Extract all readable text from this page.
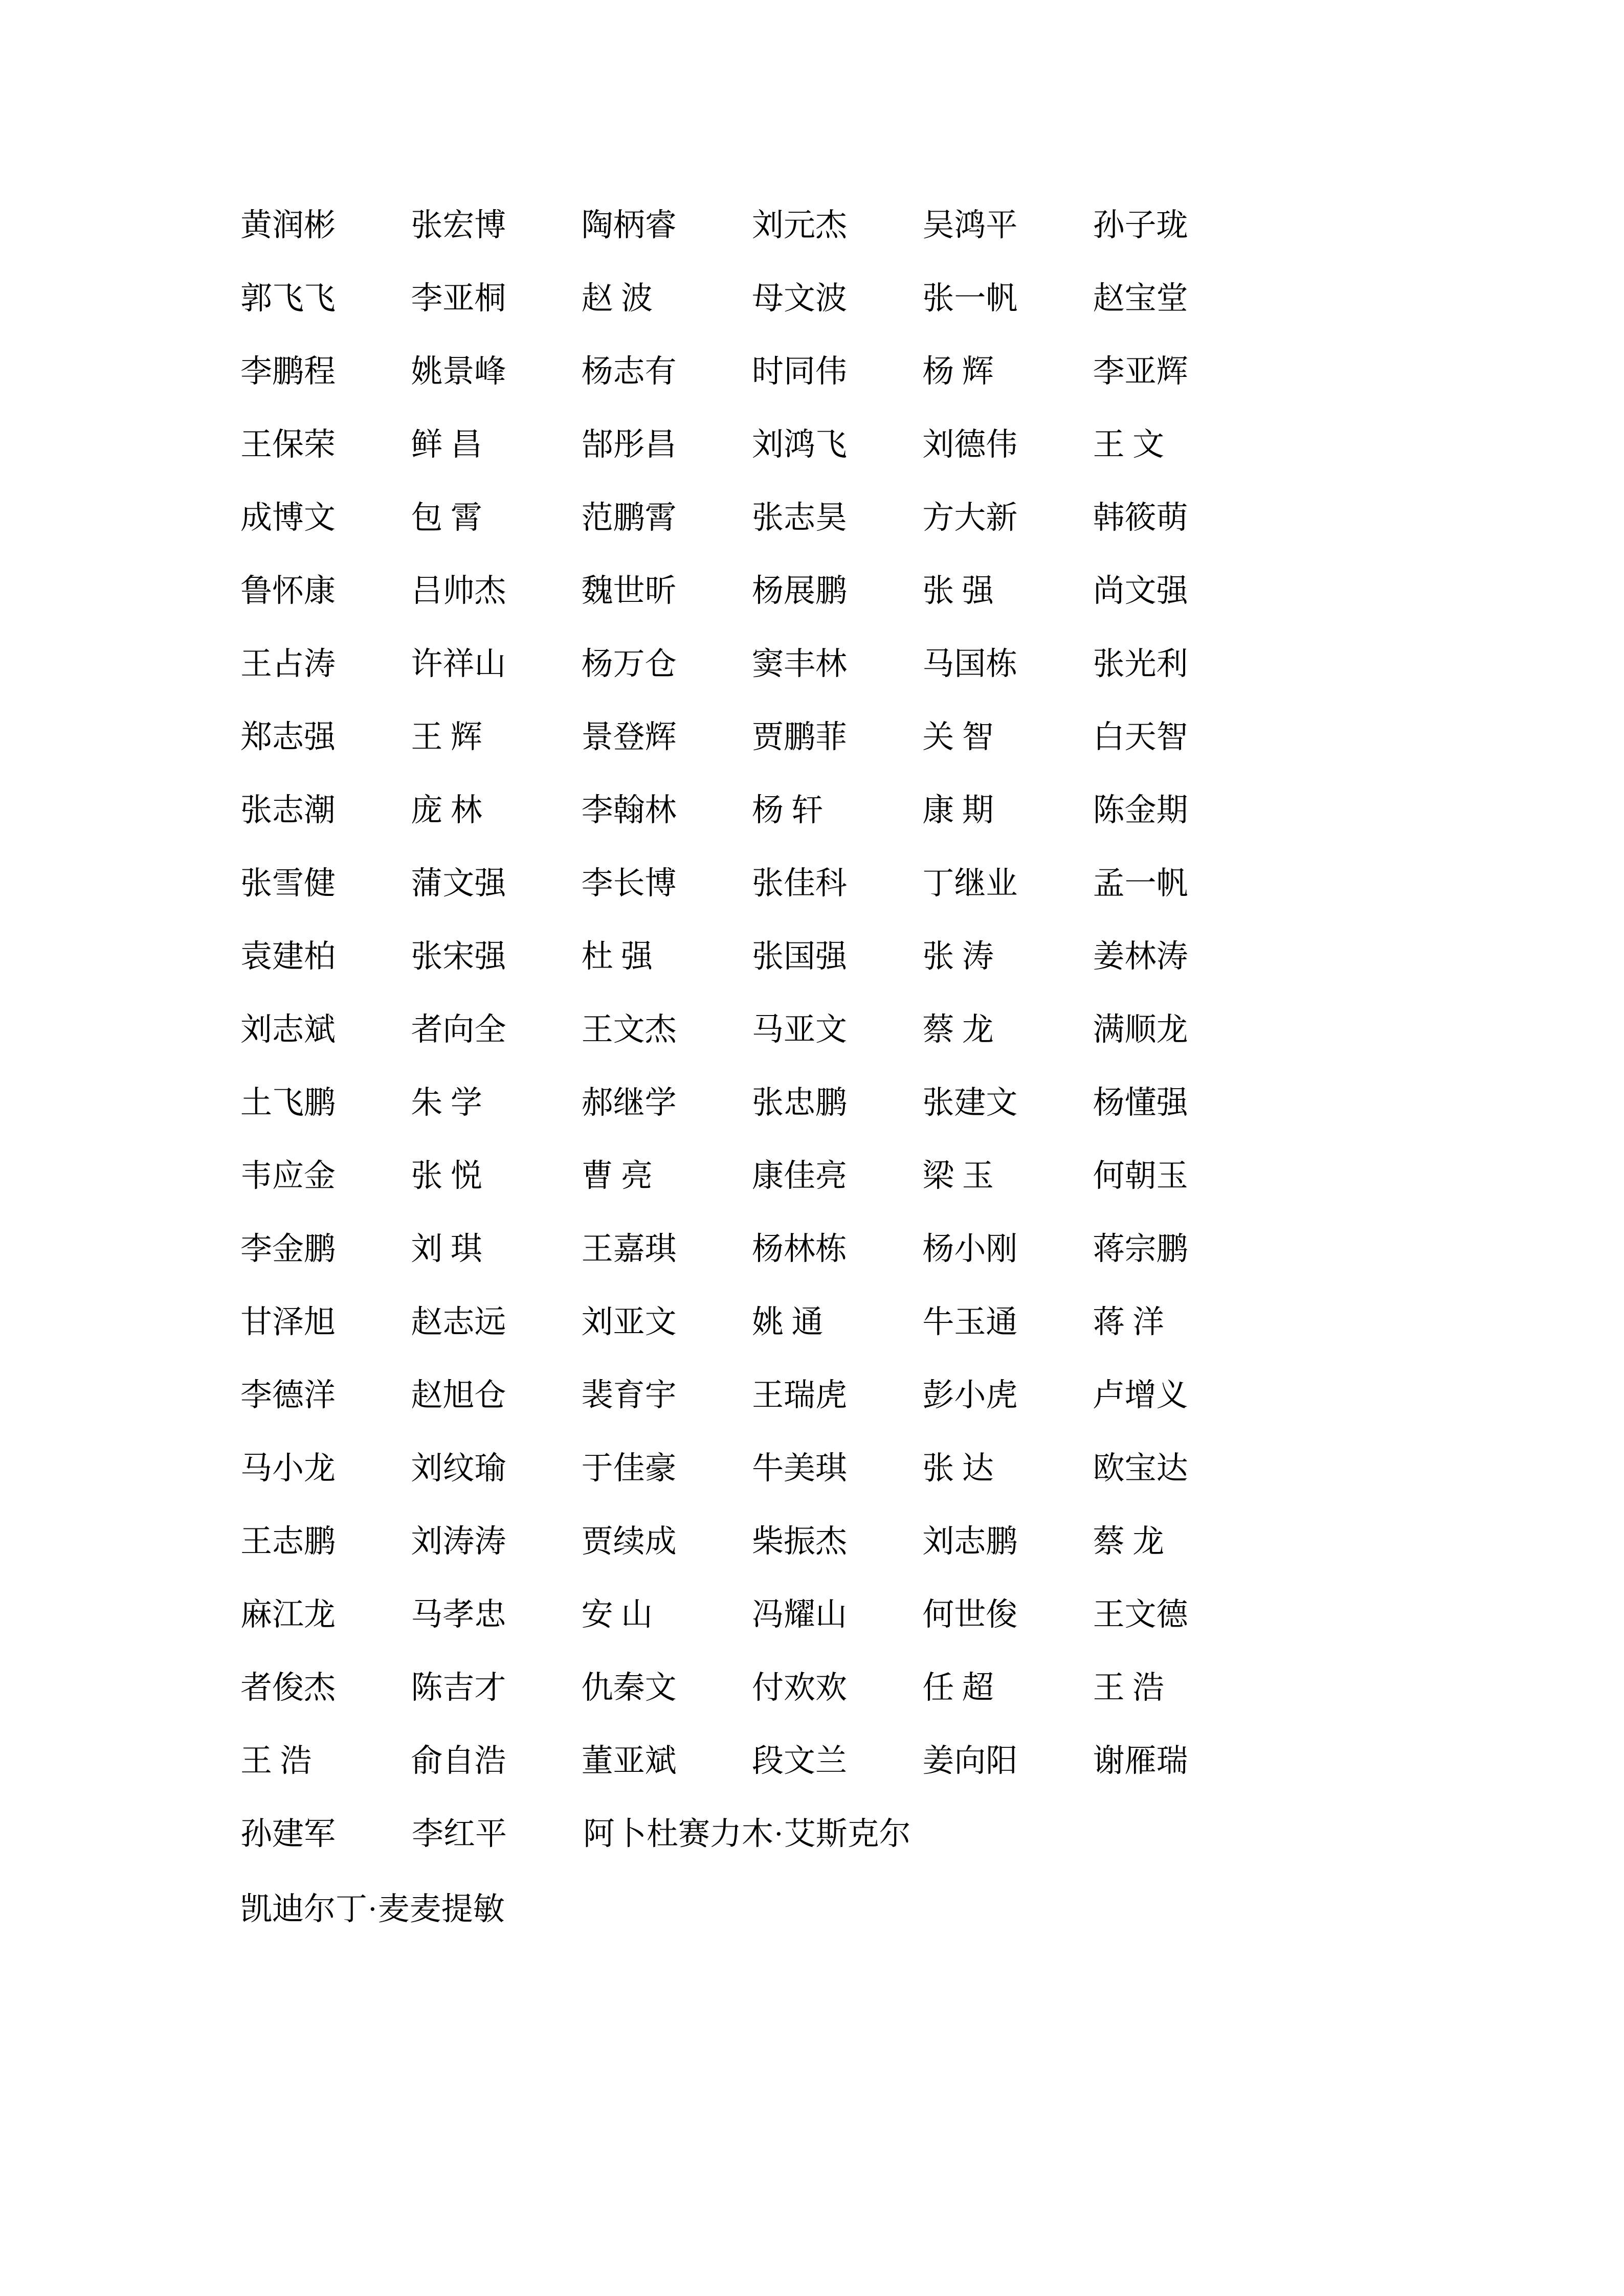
黄润彬	张宏博	陶柄睿	刘元杰	吴鸿平	孙子珑
郭飞飞	李亚桐	赵 波	母文波	张一帆	赵宝堂
李鹏程	姚景峰	杨志有	时同伟	杨 辉	李亚辉
王保荣	鲜 昌	郜彤昌	刘鸿飞	刘德伟	王 文
成博文	包 霄	范鹏霄	张志昊	方大新	韩筱萌
鲁怀康	吕帅杰	魏世昕	杨展鹏	张 强	尚文强
王占涛	许祥山	杨万仓	窦丰林	马国栋	张光利
郑志强	王 辉	景登辉	贾鹏菲	关 智	白天智
张志潮	庞 林	李翰林	杨 轩	康 期	陈金期
张雪健	蒲文强	李长博	张佳科	丁继业	孟一帆
袁建柏	张宋强	杜 强	张国强	张 涛	姜林涛
刘志斌	者向全	王文杰	马亚文	蔡 龙	满顺龙
土飞鹏	朱 学	郝继学	张忠鹏	张建文	杨懂强
韦应金	张 悦	曹 亮	康佳亮	梁 玉	何朝玉
李金鹏	刘 琪	王嘉琪	杨林栋	杨小刚	蒋宗鹏
甘泽旭	赵志远	刘亚文	姚 通	牛玉通	蒋 洋
李德洋	赵旭仓	裴育宇	王瑞虎	彭小虎	卢增义
马小龙	刘纹瑜	于佳豪	牛美琪	张 达	欧宝达
王志鹏	刘涛涛	贾续成	柴振杰	刘志鹏	蔡 龙
麻江龙	马孝忠	安 山	冯耀山	何世俊	王文德
者俊杰	陈吉才	仇秦文	付欢欢	任 超	王 浩
王 浩	俞自浩	董亚斌	段文兰	姜向阳	谢雁瑞
孙建军	李红平	阿卜杜赛力木·艾斯克尔
凯迪尔丁·麦麦提敏
